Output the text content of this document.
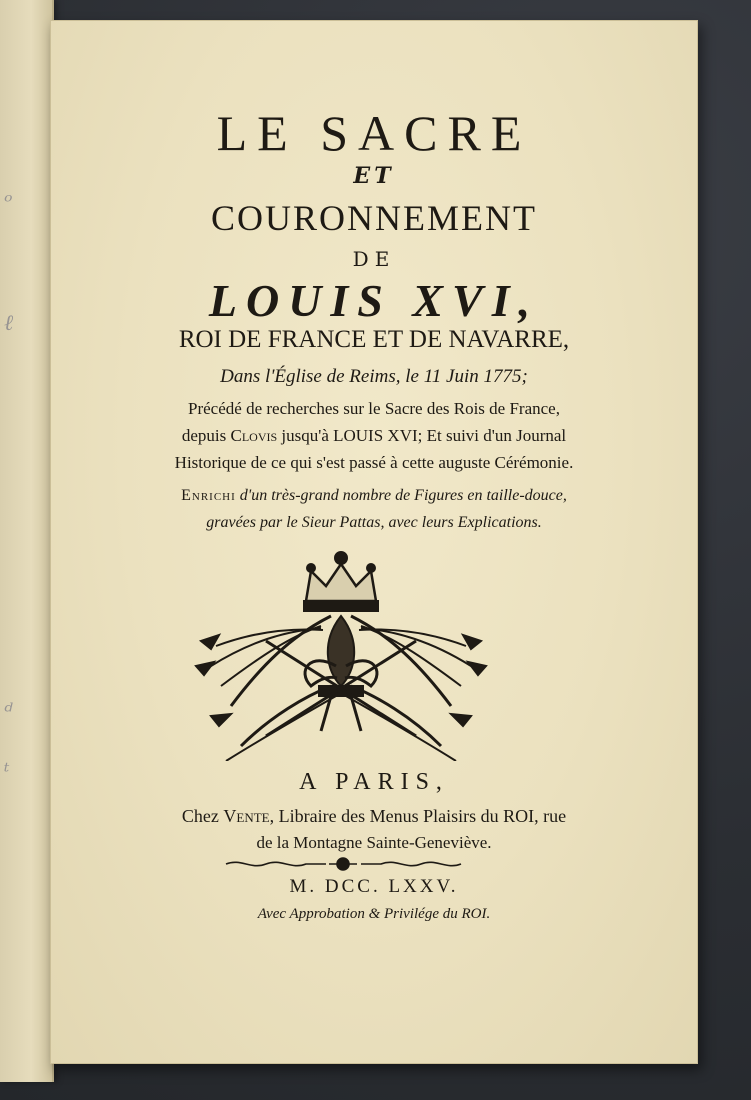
ᵒ
ℓ
ᵈ
ᵗ
LE SACRE
ET
COURONNEMENT
DE
LOUIS XVI,
ROI DE FRANCE ET DE NAVARRE,
Dans l'Église de Reims, le 11 Juin 1775;
Précédé de recherches sur le Sacre des Rois de France,
depuis Clovis jusqu'à LOUIS XVI; Et suivi d'un Journal
Historique de ce qui s'est passé à cette auguste Cérémonie.
Enrichi d'un très-grand nombre de Figures en taille-douce,
gravées par le Sieur Pattas, avec leurs Explications.
A PARIS,
Chez Vente, Libraire des Menus Plaisirs du ROI, rue
de la Montagne Sainte-Geneviève.
M. DCC. LXXV.
Avec Approbation & Privilége du ROI.
